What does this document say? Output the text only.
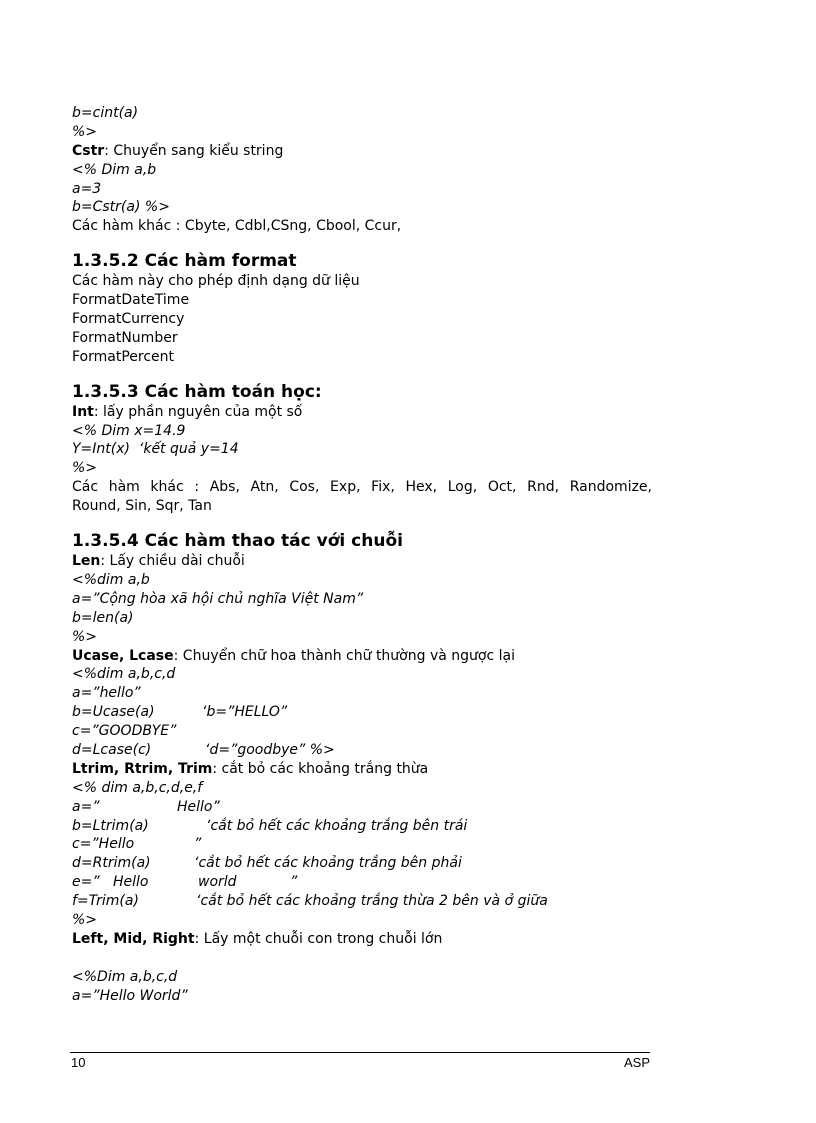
b=cint(a)

%>

Cstr: Chuyển sang kiểu string

<% Dim a,b

a=3

b=Cstr(a) %>

Các hàm khác : Cbyte, Cdbl,CSng, Cbool, Ccur,

1.3.5.2 Các hàm format

Các hàm này cho phép định dạng dữ liệu

FormatDateTime

FormatCurrency

FormatNumber

FormatPercent

1.3.5.3 Các hàm toán học:

Int: lấy phần nguyên của một số

<% Dim x=14.9

Y=Int(x)  ‘kết quả y=14

%>

Các hàm khác : Abs, Atn, Cos, Exp, Fix, Hex, Log, Oct, Rnd, Randomize,

Round, Sin, Sqr, Tan

1.3.5.4 Các hàm thao tác với chuỗi

Len: Lấy chiều dài chuỗi

<%dim a,b

a=”Cộng hòa xã hội chủ nghĩa Việt Nam”

b=len(a)

%>

Ucase, Lcase: Chuyển chữ hoa thành chữ thường và ngược lại

<%dim a,b,c,d

a=”hello”

b=Ucase(a)	‘b=”HELLO”

c=”GOODBYE”

d=Lcase(c)	‘d=”goodbye” %>

Ltrim, Rtrim, Trim: cắt bỏ các khoảng trắng thừa

<% dim a,b,c,d,e,f

a=”	Hello”

b=Ltrim(a)	‘cắt bỏ hết các khoảng trắng bên trái

c=”Hello	”

d=Rtrim(a)	‘cắt bỏ hết các khoảng trắng bên phải

e=”   Hello	world	”

f=Trim(a)	‘cắt bỏ hết các khoảng trắng thừa 2 bên và ở giữa

%>

Left, Mid, Right: Lấy một chuỗi con trong chuỗi lớn

<%Dim a,b,c,d

a=”Hello World”

10	ASP
